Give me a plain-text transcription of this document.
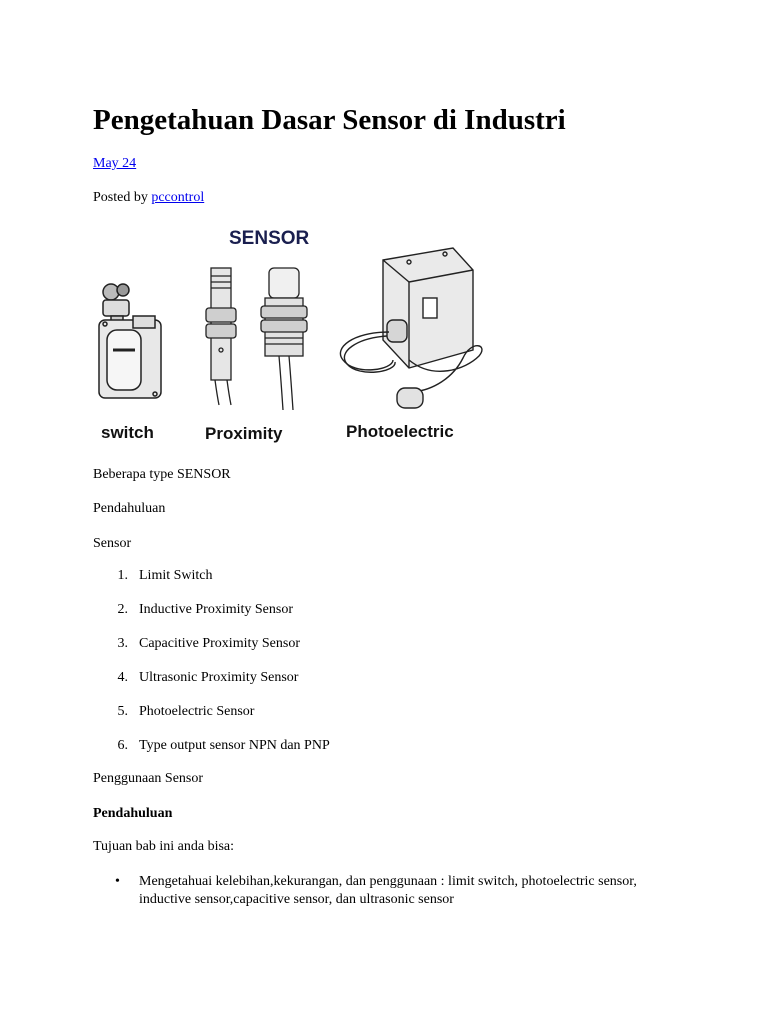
Pengetahuan Dasar Sensor di Industri

May 24

Posted by pccontrol

SENSOR
switch	Proximity	Photoelectric

Beberapa type SENSOR

Pendahuluan

Sensor

1. Limit Switch
2. Inductive Proximity Sensor
3. Capacitive Proximity Sensor
4. Ultrasonic Proximity Sensor
5. Photoelectric Sensor
6. Type output sensor NPN dan PNP

Penggunaan Sensor

Pendahuluan

Tujuan bab ini anda bisa:

• Mengetahuai kelebihan,kekurangan, dan penggunaan : limit switch, photoelectric sensor, inductive sensor,capacitive sensor, dan ultrasonic sensor
